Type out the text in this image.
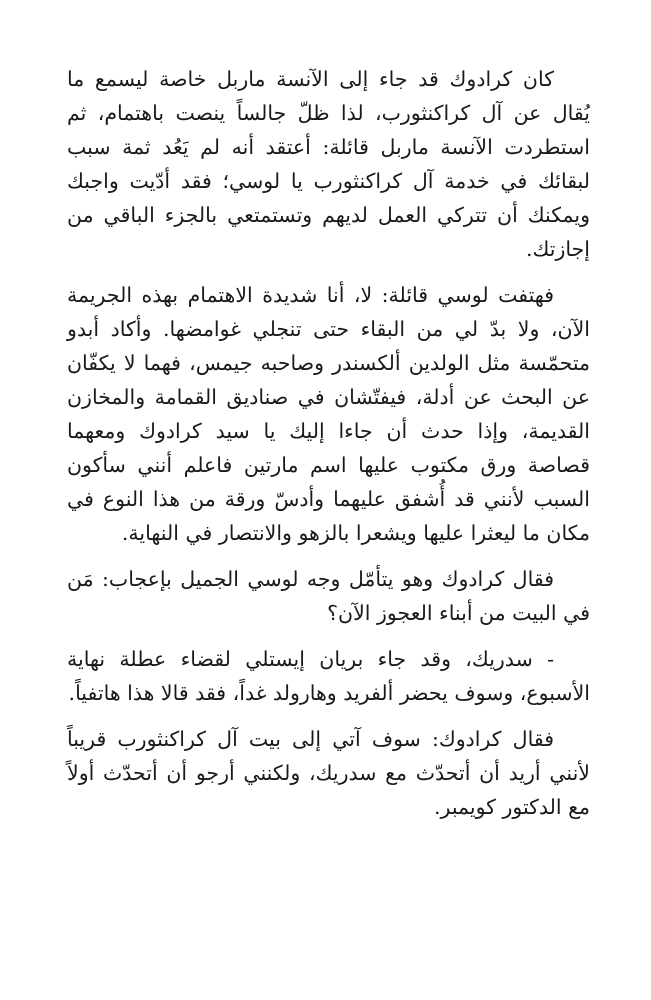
كان كرادوك قد جاء إلى الآنسة ماربل خاصة ليسمع ما يُقال عن آل كراكنثورب، لذا ظلّ جالساً ينصت باهتمام، ثم استطردت الآنسة ماربل قائلة: أعتقد أنه لم يَعُد ثمة سبب لبقائك في خدمة آل كراكنثورب يا لوسي؛ فقد أدّيت واجبك ويمكنك أن تتركي العمل لديهم وتستمتعي بالجزء الباقي من إجازتك.

فهتفت لوسي قائلة: لا، أنا شديدة الاهتمام بهذه الجريمة الآن، ولا بدّ لي من البقاء حتى تنجلي غوامضها. وأكاد أبدو متحمّسة مثل الولدين ألكسندر وصاحبه جيمس، فهما لا يكفّان عن البحث عن أدلة، فيفتّشان في صناديق القمامة والمخازن القديمة، وإذا حدث أن جاءا إليك يا سيد كرادوك ومعهما قصاصة ورق مكتوب عليها اسم مارتين فاعلم أنني سأكون السبب لأنني قد أُشفق عليهما وأدسّ ورقة من هذا النوع في مكان ما ليعثرا عليها ويشعرا بالزهو والانتصار في النهاية.

فقال كرادوك وهو يتأمّل وجه لوسي الجميل بإعجاب: مَن في البيت من أبناء العجوز الآن؟

- سدريك، وقد جاء بريان إيستلي لقضاء عطلة نهاية الأسبوع، وسوف يحضر ألفريد وهارولد غداً، فقد قالا هذا هاتفياً.

فقال كرادوك: سوف آتي إلى بيت آل كراكنثورب قريباً لأنني أريد أن أتحدّث مع سدريك، ولكنني أرجو أن أتحدّث أولاً مع الدكتور كويمبر.
